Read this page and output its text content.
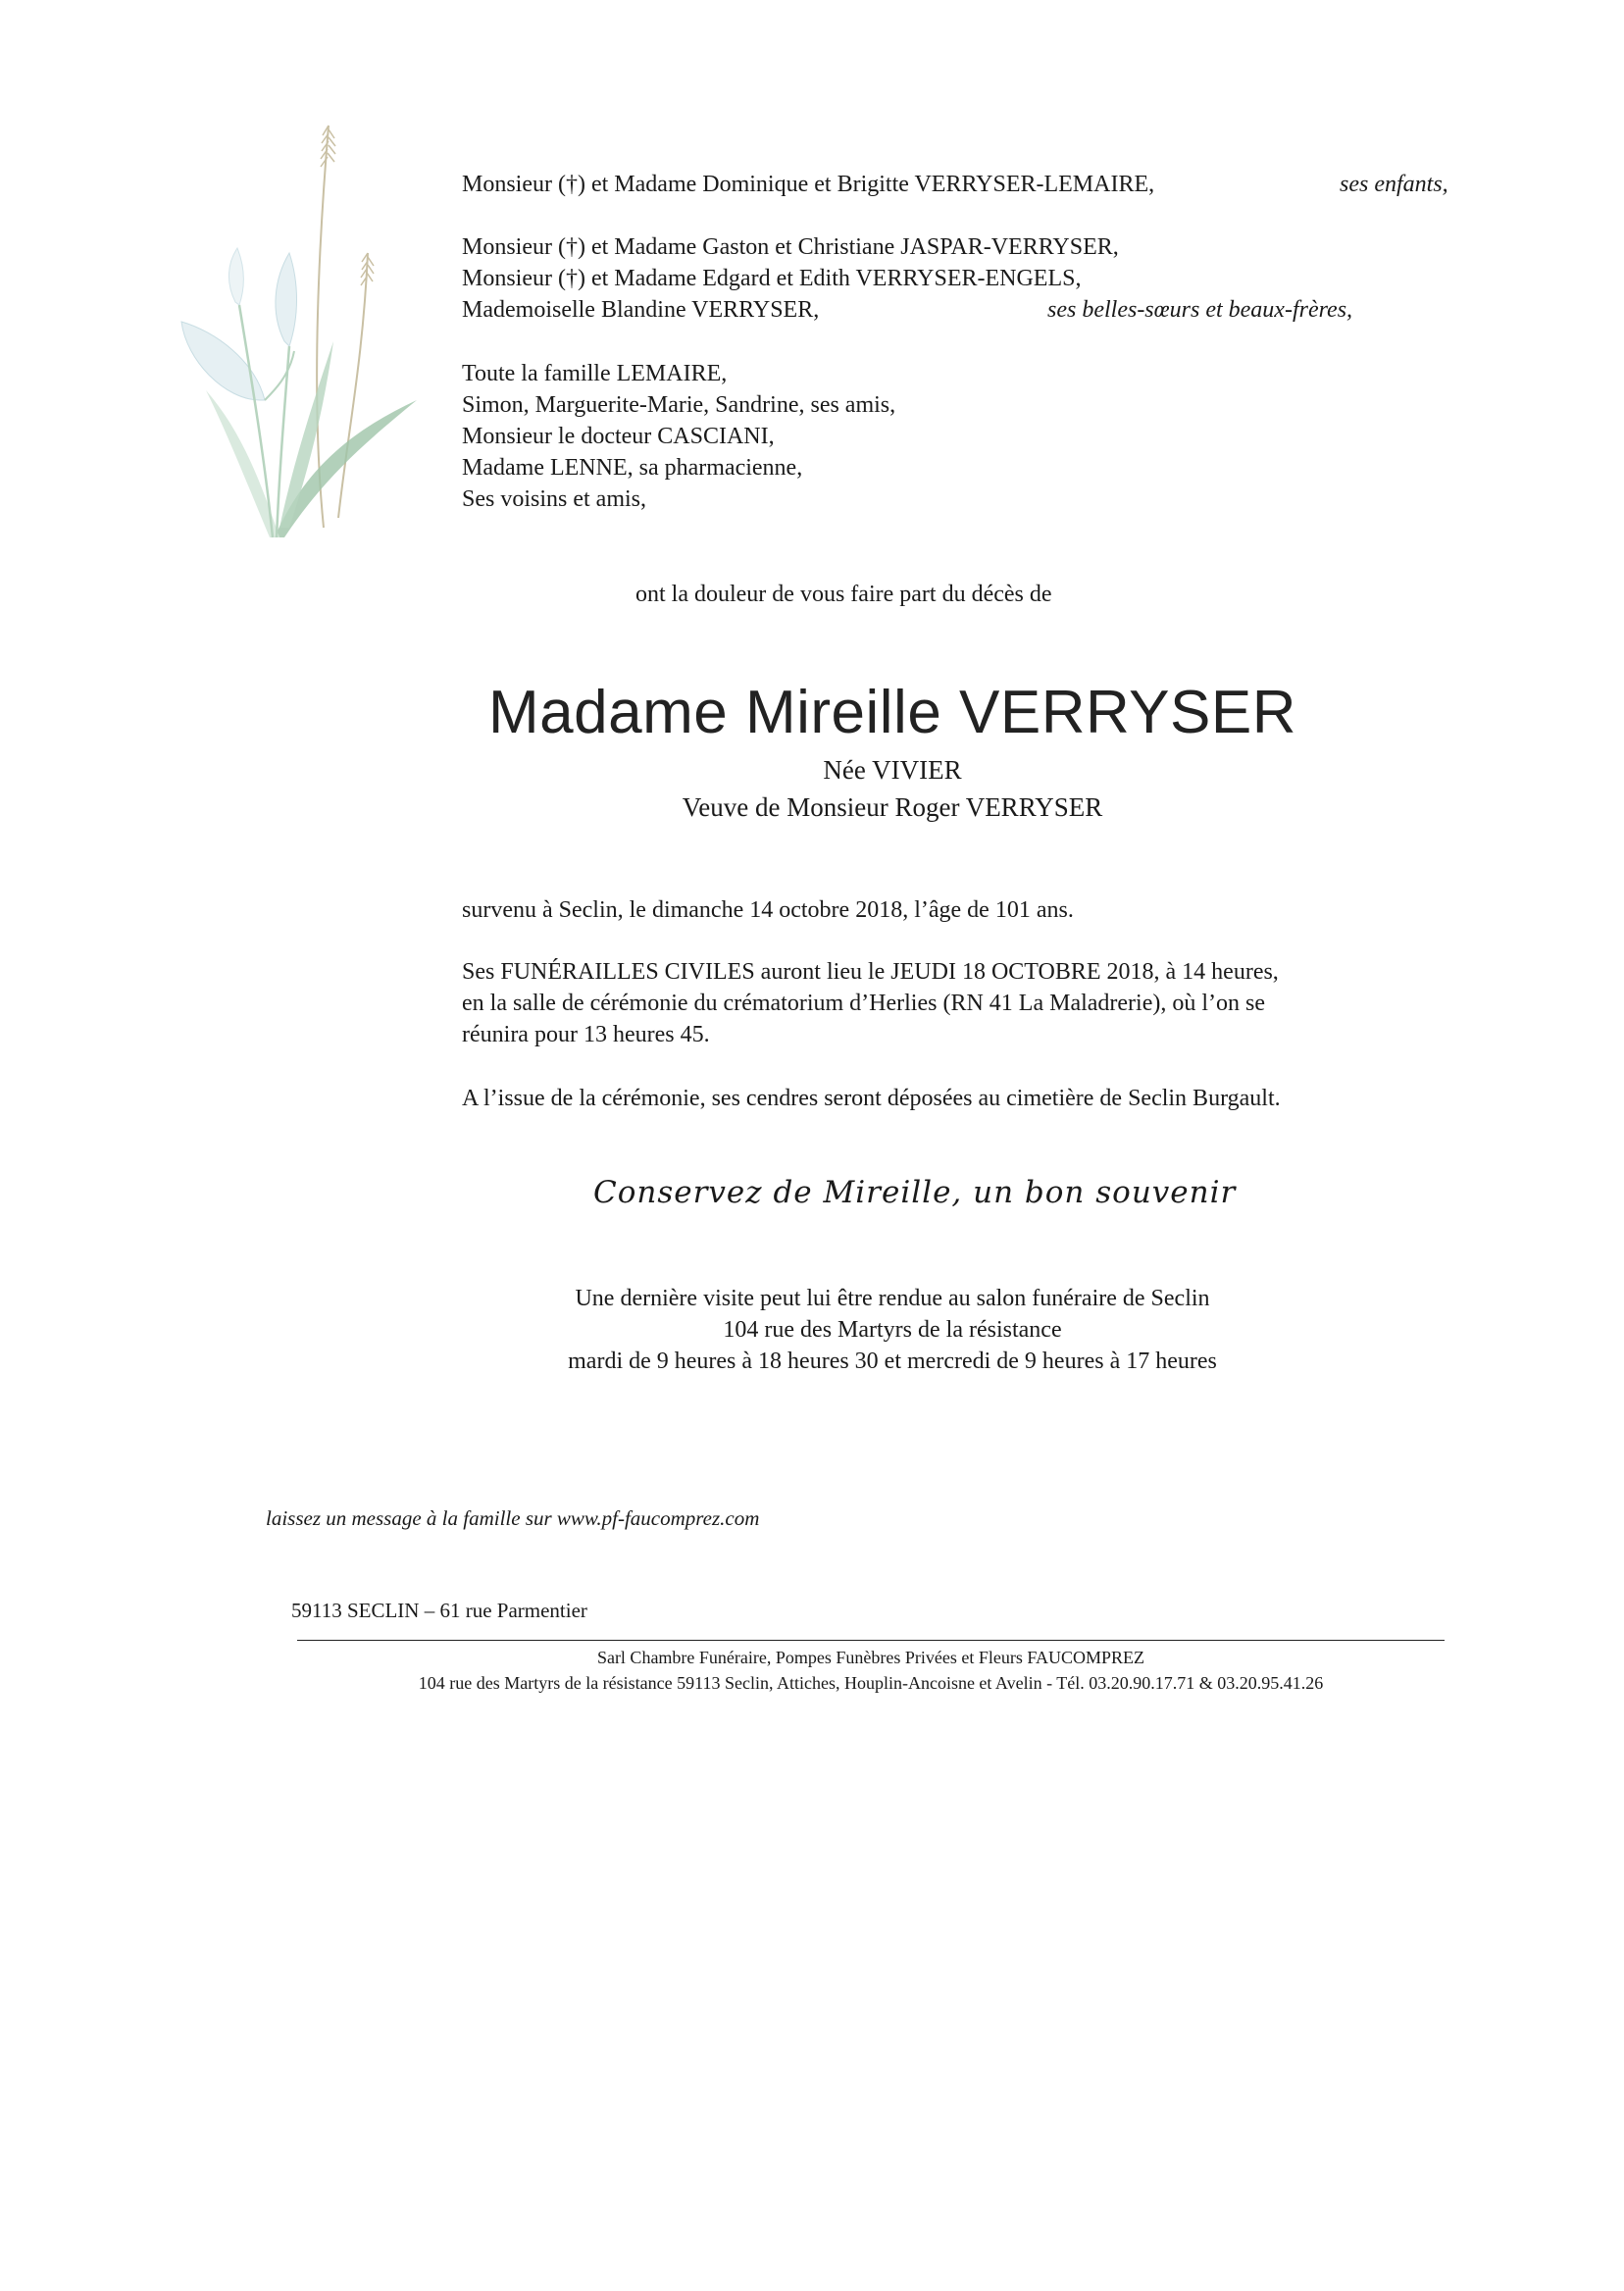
Monsieur (†) et Madame Dominique et Brigitte VERRYSER-LEMAIRE,	ses enfants,
Monsieur (†) et Madame Gaston et Christiane JASPAR-VERRYSER,
Monsieur (†) et Madame Edgard et Edith VERRYSER-ENGELS,
Mademoiselle Blandine VERRYSER,	ses belles-sœurs et beaux-frères,
Toute la famille LEMAIRE,
Simon, Marguerite-Marie, Sandrine, ses amis,
Monsieur le docteur CASCIANI,
Madame LENNE, sa pharmacienne,
Ses voisins et amis,
ont la douleur de vous faire part du décès de
Madame Mireille VERRYSER
Née VIVIER
Veuve de Monsieur Roger VERRYSER
survenu à Seclin, le dimanche 14 octobre 2018, l’âge de 101 ans.
Ses FUNÉRAILLES CIVILES auront lieu le JEUDI 18 OCTOBRE 2018, à 14 heures,
en la salle de cérémonie du crématorium d’Herlies (RN 41 La Maladrerie), où l’on se
réunira pour 13 heures 45.
A l’issue de la cérémonie, ses cendres seront déposées au cimetière de Seclin Burgault.
Conservez de Mireille, un bon souvenir
Une dernière visite peut lui être rendue au salon funéraire de Seclin
104 rue des Martyrs de la résistance
mardi de 9 heures à 18 heures 30 et mercredi de 9 heures à 17 heures
laissez un message à la famille sur www.pf-faucomprez.com
59113 SECLIN – 61 rue Parmentier
Sarl Chambre Funéraire, Pompes Funèbres Privées et Fleurs FAUCOMPREZ
104 rue des Martyrs de la résistance 59113 Seclin, Attiches, Houplin-Ancoisne et Avelin - Tél. 03.20.90.17.71 & 03.20.95.41.26
